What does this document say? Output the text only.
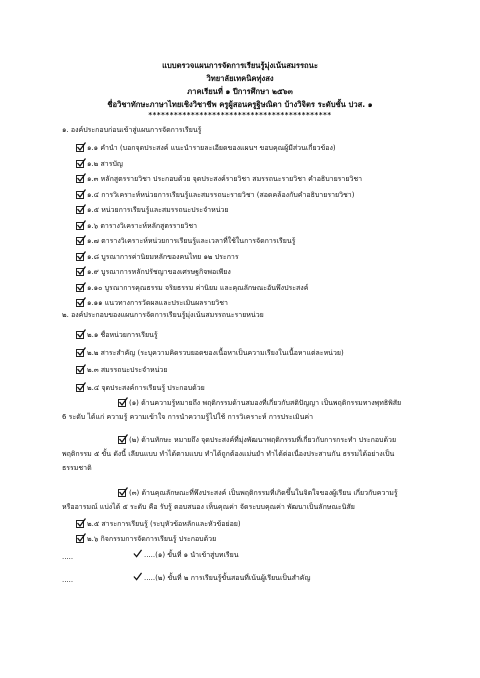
แบบตรวจแผนการจัดการเรียนรู้มุ่งเน้นสมรรถนะ
วิทยาลัยเทคนิคทุ่งสง
ภาคเรียนที่ ๑ ปีการศึกษา ๒๕๖๓
ชื่อวิชาทักษะภาษาไทยเชิงวิชาชีพ ครูผู้สอนครูฐิษณิดา บ้างวิจิตร ระดับชั้น ปวส. ๑
*******************************************
๑. องค์ประกอบก่อนเข้าสู่แผนการจัดการเรียนรู้
๑.๑ คำนำ (บอกจุดประสงค์ แนะนำรายละเอียดของแผนฯ ขอบคุณผู้มีส่วนเกี่ยวข้อง)
๑.๒ สารบัญ
๑.๓ หลักสูตรรายวิชา ประกอบด้วย จุดประสงค์รายวิชา สมรรถนะรายวิชา คำอธิบายรายวิชา
๑.๔ การวิเคราะห์หน่วยการเรียนรู้และสมรรถนะรายวิชา (สอดคล้องกับคำอธิบายรายวิชา)
๑.๕ หน่วยการเรียนรู้และสมรรถนะประจำหน่วย
๑.๖ ตารางวิเคราะห์หลักสูตรรายวิชา
๑.๗ ตารางวิเคราะห์หน่วยการเรียนรู้และเวลาที่ใช้ในการจัดการเรียนรู้
๑.๘ บูรณาการค่านิยมหลักของคนไทย ๑๒ ประการ
๑.๙ บูรณาการหลักปรัชญาของเศรษฐกิจพอเพียง
๑.๑๐ บูรณาการคุณธรรม จริยธรรม ค่านิยม และคุณลักษณะอันพึงประสงค์
๑.๑๑ แนวทางการวัดผลและประเมินผลรายวิชา
๒. องค์ประกอบของแผนการจัดการเรียนรู้มุ่งเน้นสมรรถนะรายหน่วย
๒.๑ ชื่อหน่วยการเรียนรู้
๒.๒ สาระสำคัญ (ระบุความคิดรวบยอดของเนื้อหาเป็นความเรียงในเนื้อหาแต่ละหน่วย)
๒.๓ สมรรถนะประจำหน่วย
๒.๔ จุดประสงค์การเรียนรู้ ประกอบด้วย
(๑) ด้านความรู้หมายถึง พฤติกรรมด้านสมองที่เกี่ยวกับสติปัญญา เป็นพฤติกรรมทางพุทธิพิสัย
6 ระดับ ได้แก่ ความรู้ ความเข้าใจ การนำความรู้ไปใช้ การวิเคราะห์ การประเมินค่า
(๒) ด้านทักษะ หมายถึง จุดประสงค์ที่มุ่งพัฒนาพฤติกรรมที่เกี่ยวกับการกระทำ ประกอบด้วย
พฤติกรรม ๕ ขั้น ดังนี้ เลียนแบบ ทำได้ตามแบบ ทำได้ถูกต้องแม่นยำ ทำได้ต่อเนื่องประสานกัน ธรรมได้อย่างเป็น
ธรรมชาติ
(๓) ด้านคุณลักษณะที่พึงประสงค์ เป็นพฤติกรรมที่เกิดขึ้นในจิตใจของผู้เรียน เกี่ยวกับความรู้
หรืออารมณ์ แบ่งได้ ๕ ระดับ คือ รับรู้ ตอบสนอง เห็นคุณค่า จัดระบบคุณค่า พัฒนาเป็นลักษณะนิสัย
๒.๕ สาระการเรียนรู้ (ระบุหัวข้อหลักและหัวข้อย่อย)
๒.๖ กิจกรรมการจัดการเรียนรู้ ประกอบด้วย
.....	..... (๑) ขั้นที่ ๑ นำเข้าสู่บทเรียน
.....	..... (๒) ขั้นที่ ๒ การเรียนรู้ขั้นสอนที่เน้นผู้เรียนเป็นสำคัญ
